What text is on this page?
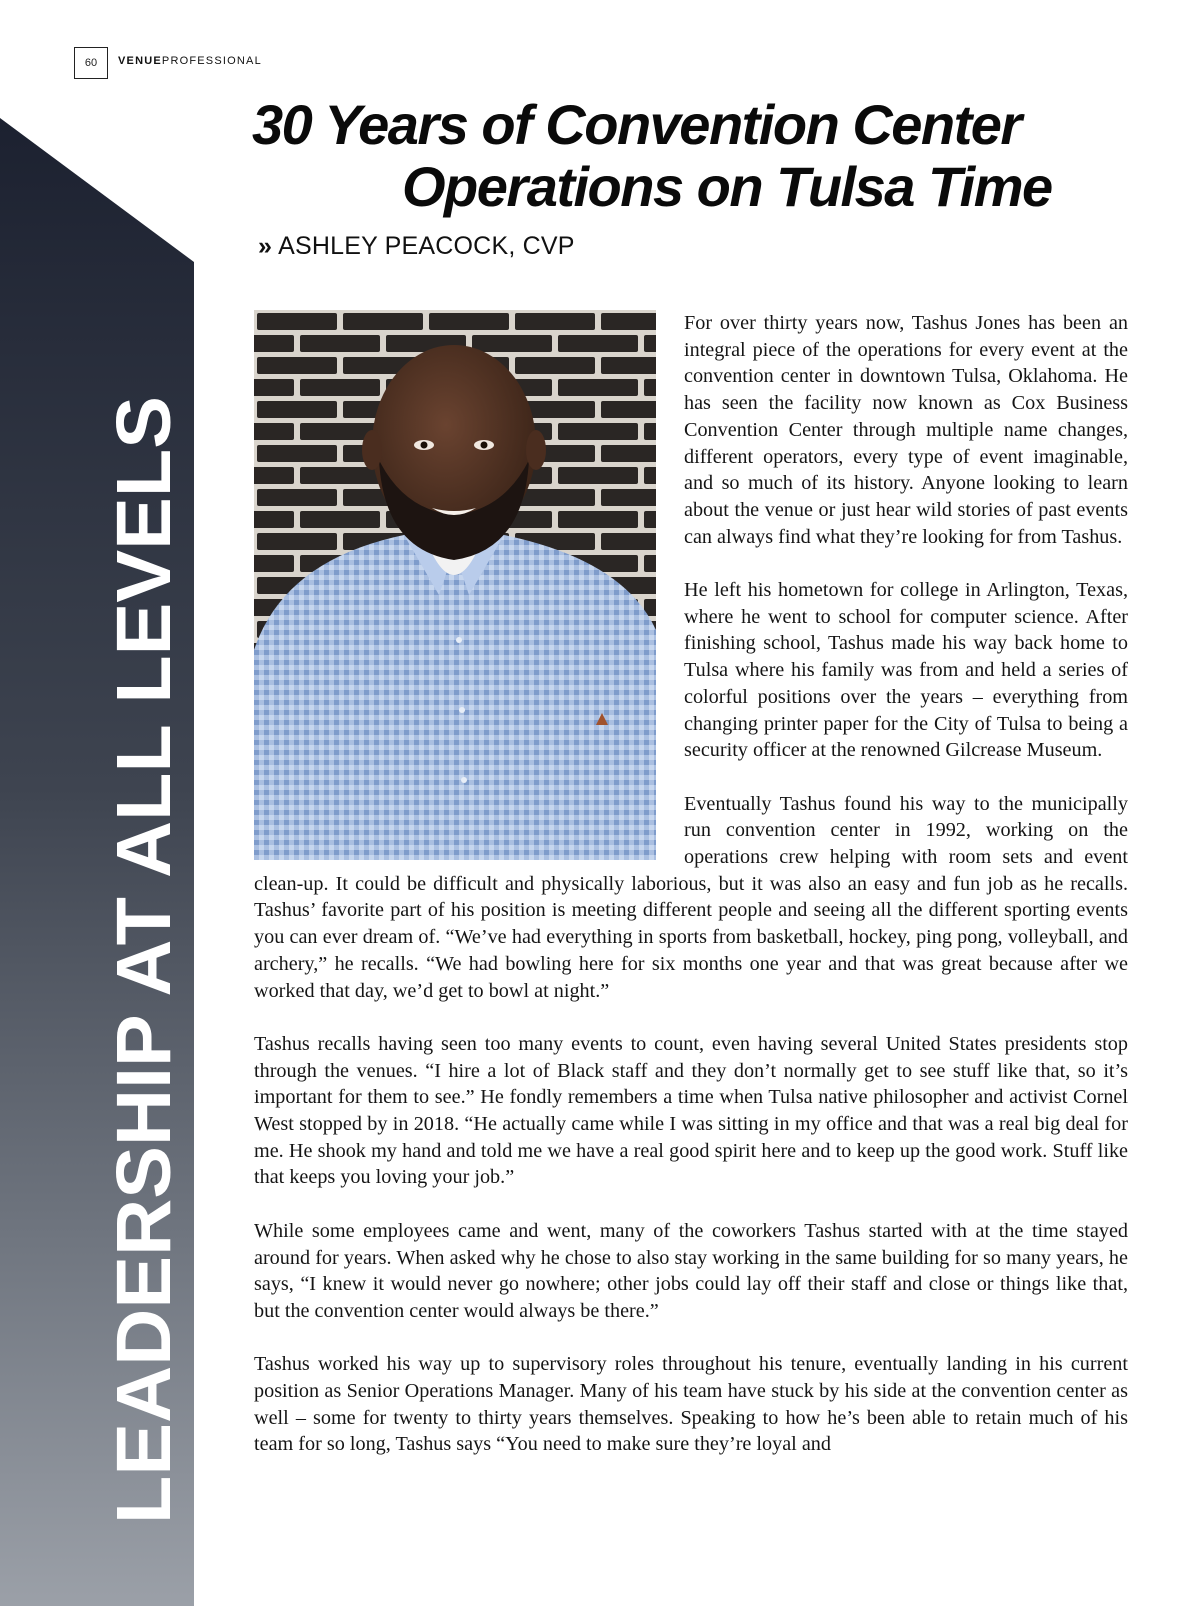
60 VENUEPROFESSIONAL
LEADERSHIP AT ALL LEVELS
30 Years of Convention Center
Operations on Tulsa Time
» ASHLEY PEACOCK, CVP

For over thirty years now, Tashus Jones has been an integral piece of the operations for every event at the convention center in downtown Tulsa, Oklahoma. He has seen the facility now known as Cox Business Convention Center through multiple name changes, different operators, every type of event imaginable, and so much of its history. Anyone looking to learn about the venue or just hear wild stories of past events can always find what they’re looking for from Tashus.

He left his hometown for college in Arlington, Texas, where he went to school for computer science. After finishing school, Tashus made his way back home to Tulsa where his family was from and held a series of colorful positions over the years – everything from changing printer paper for the City of Tulsa to being a security officer at the renowned Gilcrease Museum.

Eventually Tashus found his way to the municipally run convention center in 1992, working on the operations crew helping with room sets and event clean-up. It could be difficult and physically laborious, but it was also an easy and fun job as he recalls. Tashus’ favorite part of his position is meeting different people and seeing all the different sporting events you can ever dream of. “We’ve had everything in sports from basketball, hockey, ping pong, volleyball, and archery,” he recalls. “We had bowling here for six months one year and that was great because after we worked that day, we’d get to bowl at night.”

Tashus recalls having seen too many events to count, even having several United States presidents stop through the venues. “I hire a lot of Black staff and they don’t normally get to see stuff like that, so it’s important for them to see.” He fondly remembers a time when Tulsa native philosopher and activist Cornel West stopped by in 2018. “He actually came while I was sitting in my office and that was a real big deal for me. He shook my hand and told me we have a real good spirit here and to keep up the good work. Stuff like that keeps you loving your job.”

While some employees came and went, many of the coworkers Tashus started with at the time stayed around for years. When asked why he chose to also stay working in the same building for so many years, he says, “I knew it would never go nowhere; other jobs could lay off their staff and close or things like that, but the convention center would always be there.”

Tashus worked his way up to supervisory roles throughout his tenure, eventually landing in his current position as Senior Operations Manager. Many of his team have stuck by his side at the convention center as well – some for twenty to thirty years themselves. Speaking to how he’s been able to retain much of his team for so long, Tashus says “You need to make sure they’re loyal and
